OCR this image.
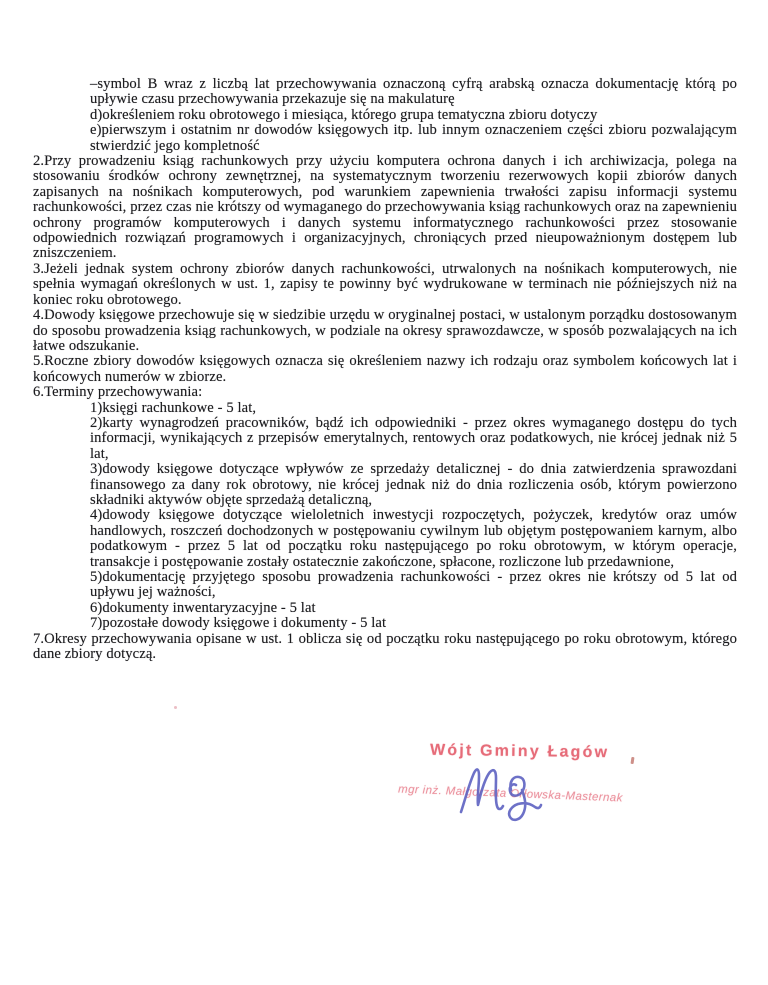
–symbol B wraz z liczbą lat przechowywania oznaczoną cyfrą arabską oznacza dokumentację którą po upływie czasu przechowywania przekazuje się na makulaturę

d)określeniem roku obrotowego i miesiąca, którego grupa tematyczna zbioru dotyczy

e)pierwszym i ostatnim nr dowodów księgowych itp. lub innym oznaczeniem części zbioru pozwalającym stwierdzić jego kompletność

2.Przy prowadzeniu ksiąg rachunkowych przy użyciu komputera ochrona danych i ich archiwizacja, polega na stosowaniu środków ochrony zewnętrznej, na systematycznym tworzeniu rezerwowych kopii zbiorów danych zapisanych na nośnikach komputerowych, pod warunkiem zapewnienia trwałości zapisu informacji systemu rachunkowości, przez czas nie krótszy od wymaganego do przechowywania ksiąg rachunkowych oraz na zapewnieniu ochrony programów komputerowych i danych systemu informatycznego rachunkowości przez stosowanie odpowiednich rozwiązań programowych i organizacyjnych, chroniących przed nieupoważnionym dostępem lub zniszczeniem.

3.Jeżeli jednak system ochrony zbiorów danych rachunkowości, utrwalonych na nośnikach komputerowych, nie spełnia wymagań określonych w ust. 1, zapisy te powinny być wydrukowane w terminach nie późniejszych niż na koniec roku obrotowego.

4.Dowody księgowe przechowuje się w siedzibie urzędu w oryginalnej postaci, w ustalonym porządku dostosowanym do sposobu prowadzenia ksiąg rachunkowych, w podziale na okresy sprawozdawcze, w sposób pozwalających na ich łatwe odszukanie.

5.Roczne zbiory dowodów księgowych oznacza się określeniem nazwy ich rodzaju oraz symbolem końcowych lat i końcowych numerów w zbiorze.

6.Terminy przechowywania:

1)księgi rachunkowe - 5 lat,

2)karty wynagrodzeń pracowników, bądź ich odpowiedniki - przez okres wymaganego dostępu do tych informacji, wynikających z przepisów emerytalnych, rentowych oraz podatkowych, nie krócej jednak niż 5 lat,

3)dowody księgowe dotyczące wpływów ze sprzedaży detalicznej - do dnia zatwierdzenia sprawozdani finansowego za dany rok obrotowy, nie krócej jednak niż do dnia rozliczenia osób, którym powierzono składniki aktywów objęte sprzedażą detaliczną,

4)dowody księgowe dotyczące wieloletnich inwestycji rozpoczętych, pożyczek, kredytów oraz umów handlowych, roszczeń dochodzonych w postępowaniu cywilnym lub objętym postępowaniem karnym, albo podatkowym - przez 5 lat od początku roku następującego po roku obrotowym, w którym operacje, transakcje i postępowanie zostały ostatecznie zakończone, spłacone, rozliczone lub przedawnione,

5)dokumentację przyjętego sposobu prowadzenia rachunkowości - przez okres nie krótszy od 5 lat od upływu jej ważności,

6)dokumenty inwentaryzacyjne - 5 lat

7)pozostałe dowody księgowe i dokumenty - 5 lat

7.Okresy przechowywania opisane w ust. 1 oblicza się od początku roku następującego po roku obrotowym, którego dane zbiory dotyczą.

Wójt Gminy Łagów
mgr inż. Małgorzata Orłowska-Masternak
